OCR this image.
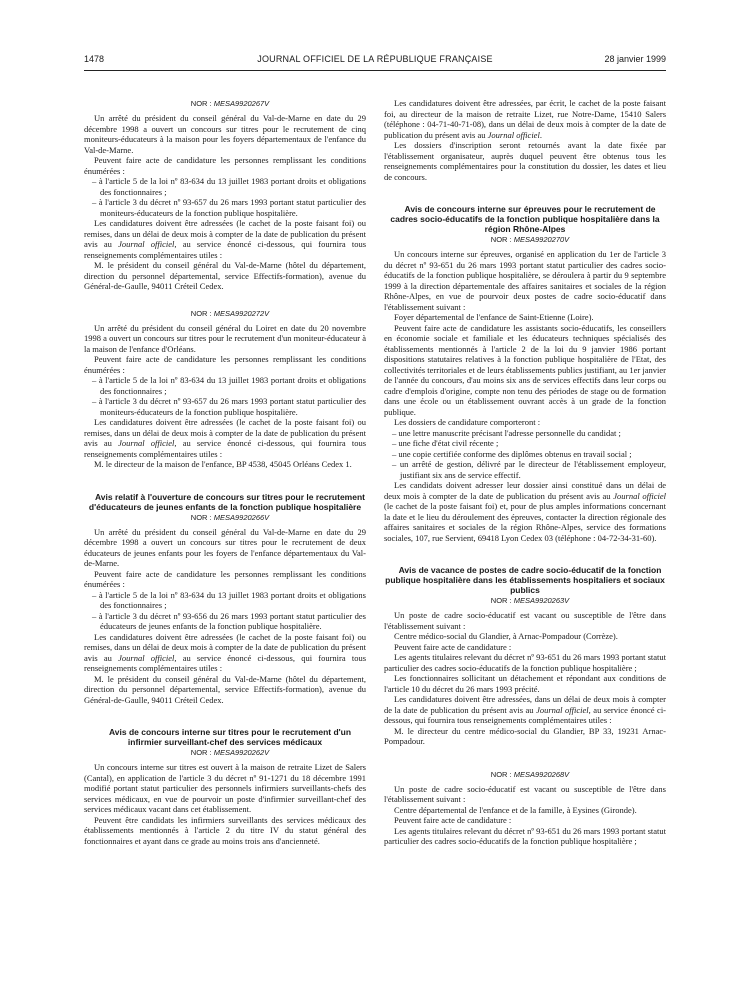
1478	JOURNAL OFFICIEL DE LA RÉPUBLIQUE FRANÇAISE	28 janvier 1999

NOR : MESA9920267V

Un arrêté du président du conseil général du Val-de-Marne en date du 29 décembre 1998 a ouvert un concours sur titres pour le recrutement de cinq moniteurs-éducateurs à la maison pour les foyers départementaux de l'enfance du Val-de-Marne.

Peuvent faire acte de candidature les personnes remplissant les conditions énumérées :

– à l'article 5 de la loi nº 83-634 du 13 juillet 1983 portant droits et obligations des fonctionnaires ;

– à l'article 3 du décret nº 93-657 du 26 mars 1993 portant statut particulier des moniteurs-éducateurs de la fonction publique hospitalière.

Les candidatures doivent être adressées (le cachet de la poste faisant foi) ou remises, dans un délai de deux mois à compter de la date de publication du présent avis au Journal officiel, au service énoncé ci-dessous, qui fournira tous renseignements complémentaires utiles :

M. le président du conseil général du Val-de-Marne (hôtel du département, direction du personnel départemental, service Effectifs-formation), avenue du Général-de-Gaulle, 94011 Créteil Cedex.

NOR : MESA9920272V

Un arrêté du président du conseil général du Loiret en date du 20 novembre 1998 a ouvert un concours sur titres pour le recrutement d'un moniteur-éducateur à la maison de l'enfance d'Orléans.

Peuvent faire acte de candidature les personnes remplissant les conditions énumérées :

– à l'article 5 de la loi nº 83-634 du 13 juillet 1983 portant droits et obligations des fonctionnaires ;

– à l'article 3 du décret nº 93-657 du 26 mars 1993 portant statut particulier des moniteurs-éducateurs de la fonction publique hospitalière.

Les candidatures doivent être adressées (le cachet de la poste faisant foi) ou remises, dans un délai de deux mois à compter de la date de publication du présent avis au Journal officiel, au service énoncé ci-dessous, qui fournira tous renseignements complémentaires utiles :

M. le directeur de la maison de l'enfance, BP 4538, 45045 Orléans Cedex 1.

Avis relatif à l'ouverture de concours sur titres pour le recrutement d'éducateurs de jeunes enfants de la fonction publique hospitalière

NOR : MESA9920266V

Un arrêté du président du conseil général du Val-de-Marne en date du 29 décembre 1998 a ouvert un concours sur titres pour le recrutement de deux éducateurs de jeunes enfants pour les foyers de l'enfance départementaux du Val-de-Marne.

Peuvent faire acte de candidature les personnes remplissant les conditions énumérées :

– à l'article 5 de la loi nº 83-634 du 13 juillet 1983 portant droits et obligations des fonctionnaires ;

– à l'article 3 du décret nº 93-656 du 26 mars 1993 portant statut particulier des éducateurs de jeunes enfants de la fonction publique hospitalière.

Les candidatures doivent être adressées (le cachet de la poste faisant foi) ou remises, dans un délai de deux mois à compter de la date de publication du présent avis au Journal officiel, au service énoncé ci-dessous, qui fournira tous renseignements complémentaires utiles :

M. le président du conseil général du Val-de-Marne (hôtel du département, direction du personnel départemental, service Effectifs-formation), avenue du Général-de-Gaulle, 94011 Créteil Cedex.

Avis de concours interne sur titres pour le recrutement d'un infirmier surveillant-chef des services médicaux

NOR : MESA9920262V

Un concours interne sur titres est ouvert à la maison de retraite Lizet de Salers (Cantal), en application de l'article 3 du décret nº 91-1271 du 18 décembre 1991 modifié portant statut particulier des personnels infirmiers surveillants-chefs des services médicaux, en vue de pourvoir un poste d'infirmier surveillant-chef des services médicaux vacant dans cet établissement.

Peuvent être candidats les infirmiers surveillants des services médicaux des établissements mentionnés à l'article 2 du titre IV du statut général des fonctionnaires et ayant dans ce grade au moins trois ans d'ancienneté.

Les candidatures doivent être adressées, par écrit, le cachet de la poste faisant foi, au directeur de la maison de retraite Lizet, rue Notre-Dame, 15410 Salers (téléphone : 04-71-40-71-08), dans un délai de deux mois à compter de la date de publication du présent avis au Journal officiel.

Les dossiers d'inscription seront retournés avant la date fixée par l'établissement organisateur, auprès duquel peuvent être obtenus tous les renseignements complémentaires pour la constitution du dossier, les dates et lieu de concours.

Avis de concours interne sur épreuves pour le recrutement de cadres socio-éducatifs de la fonction publique hospitalière dans la région Rhône-Alpes

NOR : MESA9920270V

Un concours interne sur épreuves, organisé en application du 1er de l'article 3 du décret nº 93-651 du 26 mars 1993 portant statut particulier des cadres socio-éducatifs de la fonction publique hospitalière, se déroulera à partir du 9 septembre 1999 à la direction départementale des affaires sanitaires et sociales de la région Rhône-Alpes, en vue de pourvoir deux postes de cadre socio-éducatif dans l'établissement suivant :

Foyer départemental de l'enfance de Saint-Etienne (Loire).

Peuvent faire acte de candidature les assistants socio-éducatifs, les conseillers en économie sociale et familiale et les éducateurs techniques spécialisés des établissements mentionnés à l'article 2 de la loi du 9 janvier 1986 portant dispositions statutaires relatives à la fonction publique hospitalière de l'Etat, des collectivités territoriales et de leurs établissements publics justifiant, au 1er janvier de l'année du concours, d'au moins six ans de services effectifs dans leur corps ou cadre d'emplois d'origine, compte non tenu des périodes de stage ou de formation dans une école ou un établissement ouvrant accès à un grade de la fonction publique.

Les dossiers de candidature comporteront :

– une lettre manuscrite précisant l'adresse personnelle du candidat ;

– une fiche d'état civil récente ;

– une copie certifiée conforme des diplômes obtenus en travail social ;

– un arrêté de gestion, délivré par le directeur de l'établissement employeur, justifiant six ans de service effectif.

Les candidats doivent adresser leur dossier ainsi constitué dans un délai de deux mois à compter de la date de publication du présent avis au Journal officiel (le cachet de la poste faisant foi) et, pour de plus amples informations concernant la date et le lieu du déroulement des épreuves, contacter la direction régionale des affaires sanitaires et sociales de la région Rhône-Alpes, service des formations sociales, 107, rue Servient, 69418 Lyon Cedex 03 (téléphone : 04-72-34-31-60).

Avis de vacance de postes de cadre socio-éducatif de la fonction publique hospitalière dans les établissements hospitaliers et sociaux publics

NOR : MESA9920263V

Un poste de cadre socio-éducatif est vacant ou susceptible de l'être dans l'établissement suivant :

Centre médico-social du Glandier, à Arnac-Pompadour (Corrèze).

Peuvent faire acte de candidature :

Les agents titulaires relevant du décret nº 93-651 du 26 mars 1993 portant statut particulier des cadres socio-éducatifs de la fonction publique hospitalière ;

Les fonctionnaires sollicitant un détachement et répondant aux conditions de l'article 10 du décret du 26 mars 1993 précité.

Les candidatures doivent être adressées, dans un délai de deux mois à compter de la date de publication du présent avis au Journal officiel, au service énoncé ci-dessous, qui fournira tous renseignements complémentaires utiles :

M. le directeur du centre médico-social du Glandier, BP 33, 19231 Arnac-Pompadour.

NOR : MESA9920268V

Un poste de cadre socio-éducatif est vacant ou susceptible de l'être dans l'établissement suivant :

Centre départemental de l'enfance et de la famille, à Eysines (Gironde).

Peuvent faire acte de candidature :

Les agents titulaires relevant du décret nº 93-651 du 26 mars 1993 portant statut particulier des cadres socio-éducatifs de la fonction publique hospitalière ;
